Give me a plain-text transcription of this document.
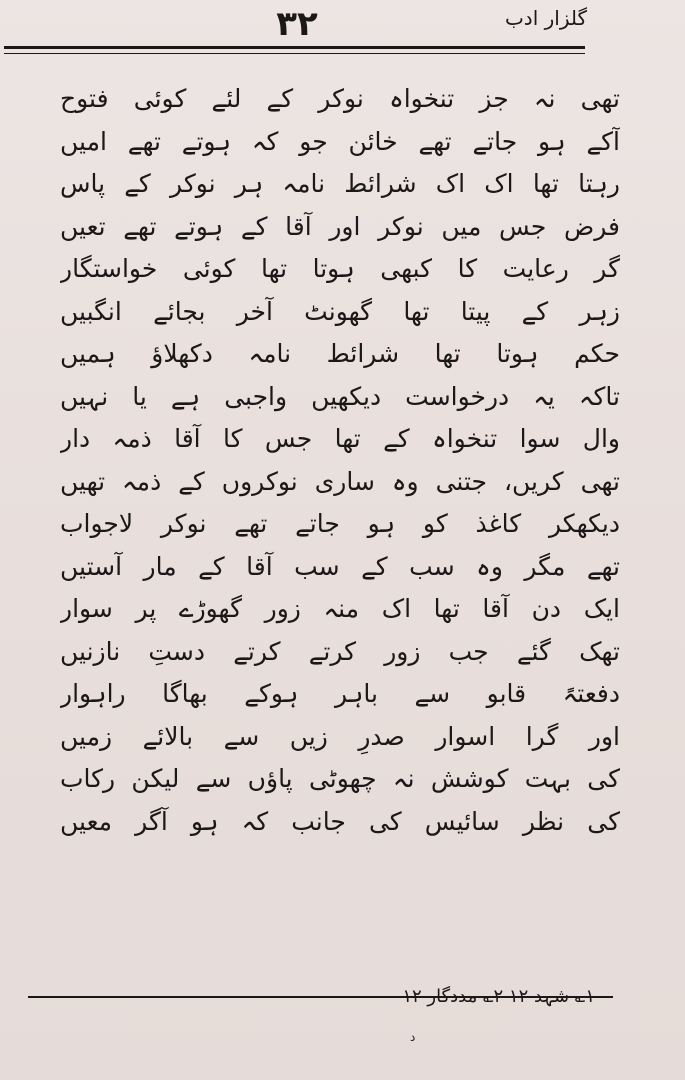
۳۲	گلزار ادب
تھی نہ جز تنخواہ نوکر کے لئے کوئی فتوح
آکے ہو جاتے تھے خائن جو کہ ہوتے تھے امیں
رہتا تھا اک اک شرائط نامہ ہر نوکر کے پاس
فرض جس میں نوکر اور آقا کے ہوتے تھے تعیں
گر رعایت کا کبھی ہوتا تھا کوئی خواستگار
زہر کے پیتا تھا گھونٹ آخر بجائے انگبیں
حکم ہوتا تھا شرائط نامہ دکھلاؤ ہمیں
تاکہ یہ درخواست دیکھیں واجبی ہے یا نہیں
وال سوا تنخواہ کے تھا جس کا آقا ذمہ دار
تھی کریں، جتنی وہ ساری نوکروں کے ذمہ تھیں
دیکھکر کاغذ کو ہو جاتے تھے نوکر لاجواب
تھے مگر وہ سب کے سب آقا کے مار آستیں
ایک دن آقا تھا اک منہ زور گھوڑے پر سوار
تھک گئے جب زور کرتے کرتے دستِ نازنیں
دفعتہً قابو سے باہر ہوکے بھاگا راہوار
اور گرا اسوار صدرِ زیں سے بالائے زمیں
کی بہت کوشش نہ چھوٹی پاؤں سے لیکن رکاب
کی نظر سائیس کی جانب کہ ہو آگر معیں
۱؎ شہد ۱۲ ۲؎ مددگار ۱۲
د
